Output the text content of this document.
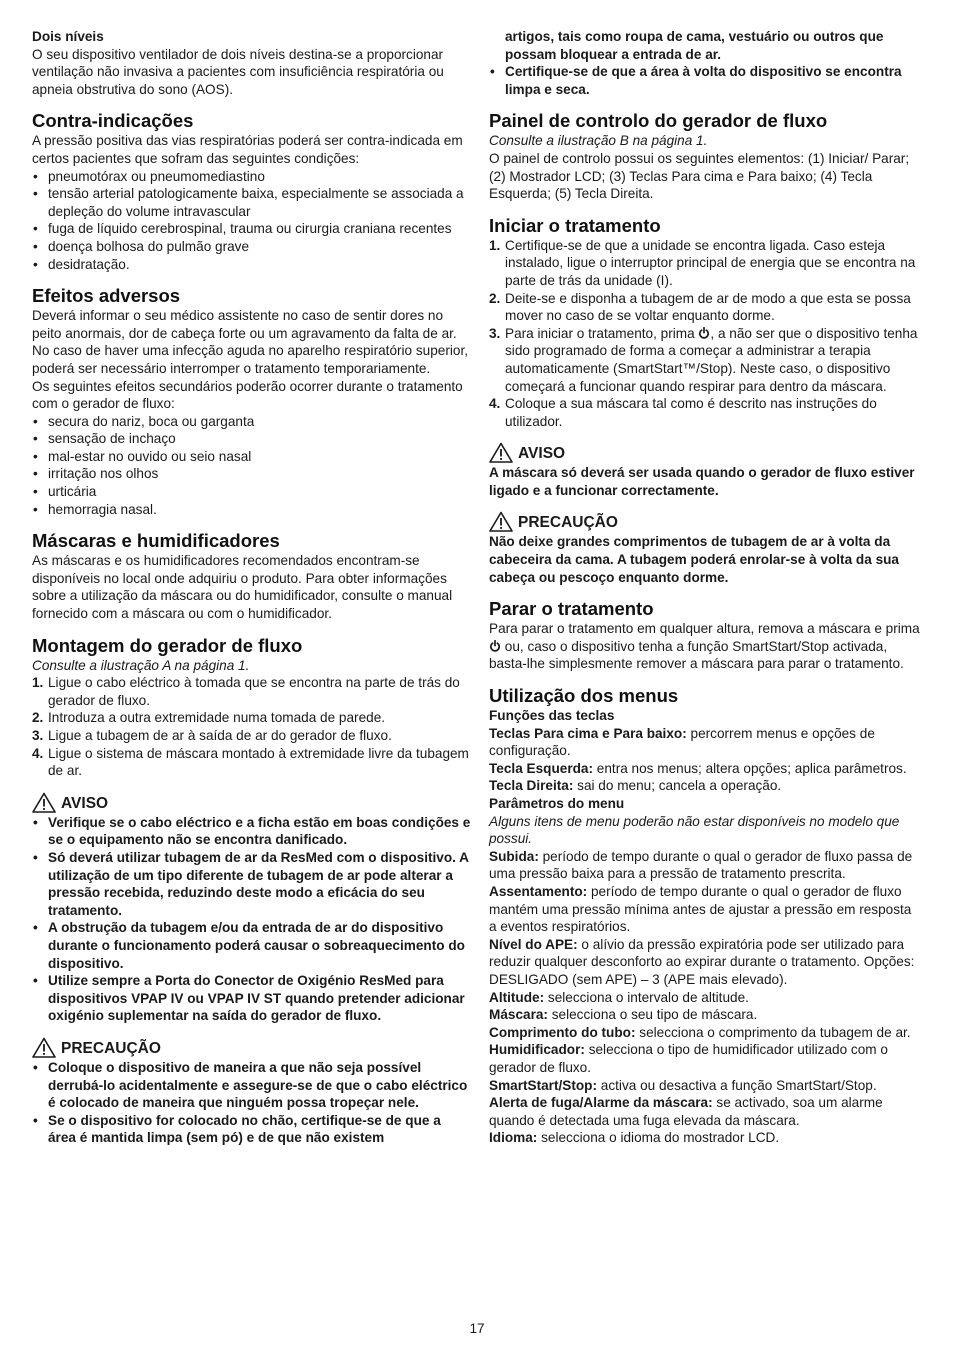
Dois níveis

O seu dispositivo ventilador de dois níveis destina-se a proporcionar ventilação não invasiva a pacientes com insuficiência respiratória ou apneia obstrutiva do sono (AOS).

Contra-indicações

A pressão positiva das vias respiratórias poderá ser contra-indicada em certos pacientes que sofram das seguintes condições:

• pneumotórax ou pneumomediastino
• tensão arterial patologicamente baixa, especialmente se associada a depleção do volume intravascular
• fuga de líquido cerebrospinal, trauma ou cirurgia craniana recentes
• doença bolhosa do pulmão grave
• desidratação.
Efeitos adversos

Deverá informar o seu médico assistente no caso de sentir dores no peito anormais, dor de cabeça forte ou um agravamento da falta de ar. No caso de haver uma infecção aguda no aparelho respiratório superior, poderá ser necessário interromper o tratamento temporariamente.

Os seguintes efeitos secundários poderão ocorrer durante o tratamento com o gerador de fluxo:

• secura do nariz, boca ou garganta
• sensação de inchaço
• mal-estar no ouvido ou seio nasal
• irritação nos olhos
• urticária
• hemorragia nasal.
Máscaras e humidificadores

As máscaras e os humidificadores recomendados encontram-se disponíveis no local onde adquiriu o produto. Para obter informações sobre a utilização da máscara ou do humidificador, consulte o manual fornecido com a máscara ou com o humidificador.

Montagem do gerador de fluxo

Consulte a ilustração A na página 1.

1. Ligue o cabo eléctrico à tomada que se encontra na parte de trás do gerador de fluxo.
2. Introduza a outra extremidade numa tomada de parede.
3. Ligue a tubagem de ar à saída de ar do gerador de fluxo.
4. Ligue o sistema de máscara montado à extremidade livre da tubagem de ar.
AVISO
• Verifique se o cabo eléctrico e a ficha estão em boas condições e se o equipamento não se encontra danificado.
• Só deverá utilizar tubagem de ar da ResMed com o dispositivo. A utilização de um tipo diferente de tubagem de ar pode alterar a pressão recebida, reduzindo deste modo a eficácia do seu tratamento.
• A obstrução da tubagem e/ou da entrada de ar do dispositivo durante o funcionamento poderá causar o sobreaquecimento do dispositivo.
• Utilize sempre a Porta do Conector de Oxigénio ResMed para dispositivos VPAP IV ou VPAP IV ST quando pretender adicionar oxigénio suplementar na saída do gerador de fluxo.
PRECAUÇÃO
• Coloque o dispositivo de maneira a que não seja possível derrubá-lo acidentalmente e assegure-se de que o cabo eléctrico é colocado de maneira que ninguém possa tropeçar nele.
• Se o dispositivo for colocado no chão, certifique-se de que a área é mantida limpa (sem pó) e de que não existem

artigos, tais como roupa de cama, vestuário ou outros que possam bloquear a entrada de ar.

• Certifique-se de que a área à volta do dispositivo se encontra limpa e seca.
Painel de controlo do gerador de fluxo

Consulte a ilustração B na página 1.

O painel de controlo possui os seguintes elementos: (1) Iniciar/ Parar; (2) Mostrador LCD; (3) Teclas Para cima e Para baixo; (4) Tecla Esquerda; (5) Tecla Direita.

Iniciar o tratamento
1. Certifique-se de que a unidade se encontra ligada. Caso esteja instalado, ligue o interruptor principal de energia que se encontra na parte de trás da unidade (I).
2. Deite-se e disponha a tubagem de ar de modo a que esta se possa mover no caso de se voltar enquanto dorme.
3. Para iniciar o tratamento, prima , a não ser que o dispositivo tenha sido programado de forma a começar a administrar a terapia automaticamente (SmartStart™/Stop). Neste caso, o dispositivo começará a funcionar quando respirar para dentro da máscara.
4. Coloque a sua máscara tal como é descrito nas instruções do utilizador.
AVISO

A máscara só deverá ser usada quando o gerador de fluxo estiver ligado e a funcionar correctamente.

PRECAUÇÃO

Não deixe grandes comprimentos de tubagem de ar à volta da cabeceira da cama. A tubagem poderá enrolar-se à volta da sua cabeça ou pescoço enquanto dorme.

Parar o tratamento

Para parar o tratamento em qualquer altura, remova a máscara e prima  ou, caso o dispositivo tenha a função SmartStart/Stop activada, basta-lhe simplesmente remover a máscara para parar o tratamento.

Utilização dos menus
Funções das teclas

Teclas Para cima e Para baixo: percorrem menus e opções de configuração.

Tecla Esquerda: entra nos menus; altera opções; aplica parâmetros.

Tecla Direita: sai do menu; cancela a operação.

Parâmetros do menu

Alguns itens de menu poderão não estar disponíveis no modelo que possui.

Subida: período de tempo durante o qual o gerador de fluxo passa de uma pressão baixa para a pressão de tratamento prescrita.

Assentamento: período de tempo durante o qual o gerador de fluxo mantém uma pressão mínima antes de ajustar a pressão em resposta a eventos respiratórios.

Nível do APE: o alívio da pressão expiratória pode ser utilizado para reduzir qualquer desconforto ao expirar durante o tratamento. Opções: DESLIGADO (sem APE) – 3 (APE mais elevado).

Altitude: selecciona o intervalo de altitude.

Máscara: selecciona o seu tipo de máscara.

Comprimento do tubo: selecciona o comprimento da tubagem de ar.

Humidificador: selecciona o tipo de humidificador utilizado com o gerador de fluxo.

SmartStart/Stop: activa ou desactiva a função SmartStart/Stop.

Alerta de fuga/Alarme da máscara: se activado, soa um alarme quando é detectada uma fuga elevada da máscara.

Idioma: selecciona o idioma do mostrador LCD.

17
